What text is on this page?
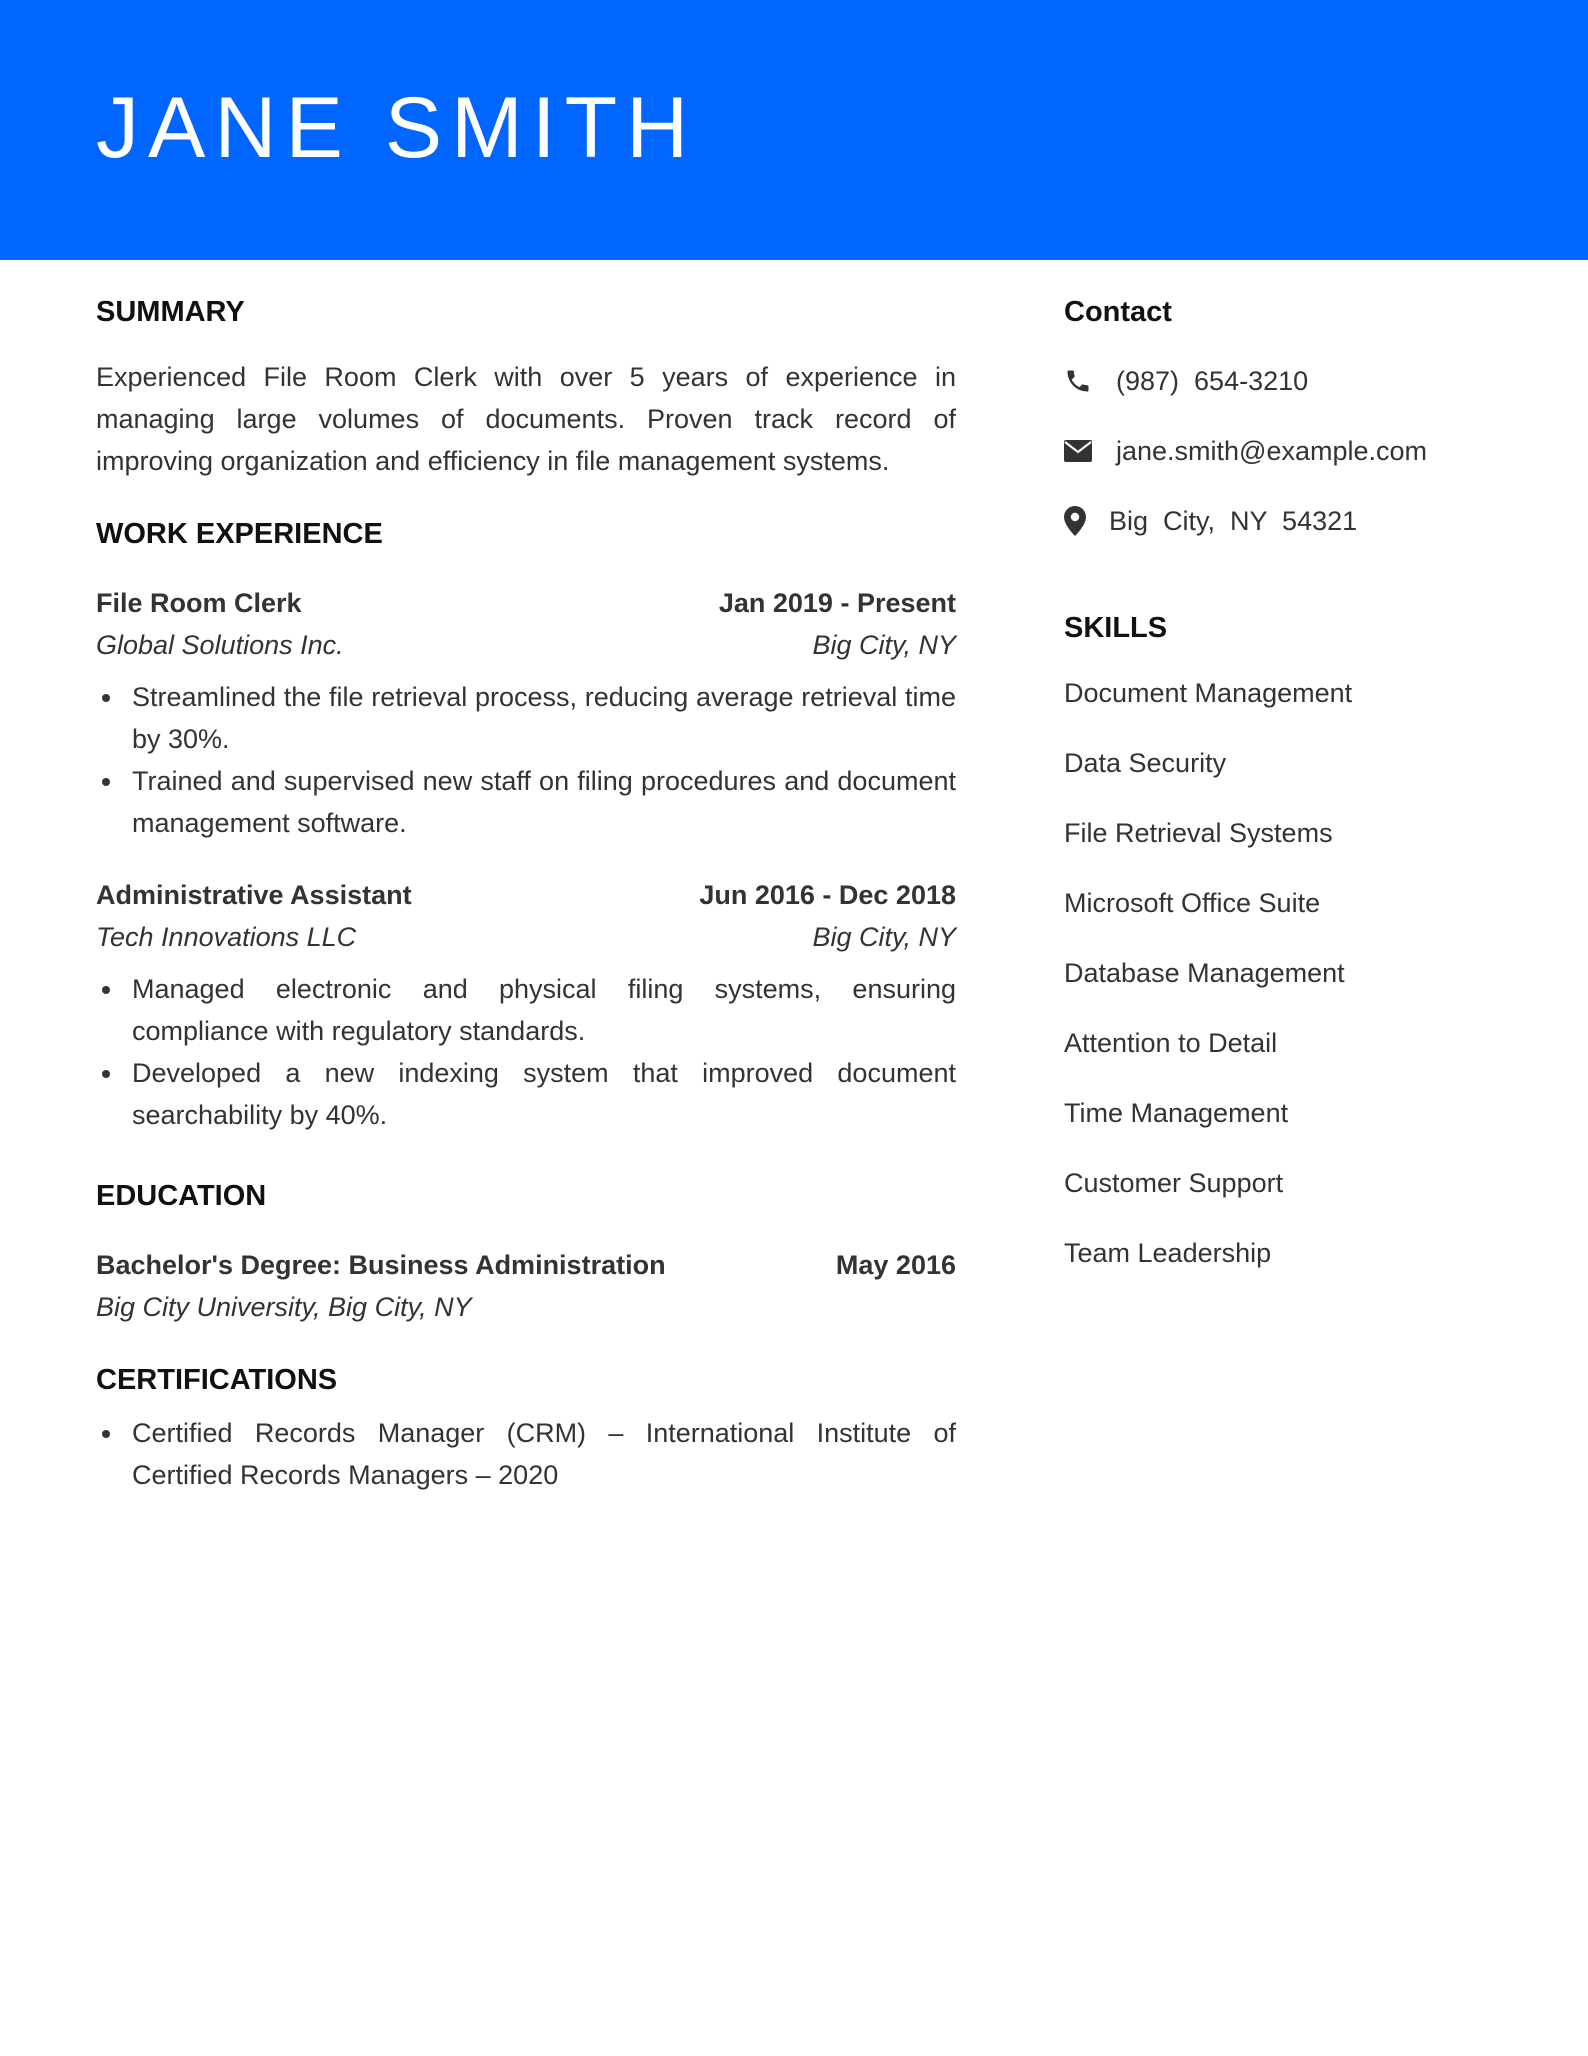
JANE SMITH
SUMMARY

Experienced File Room Clerk with over 5 years of experience in managing large volumes of documents. Proven track record of improving organization and efficiency in file management systems.

WORK EXPERIENCE
File Room Clerk	Jan 2019 - Present
Global Solutions Inc.	Big City, NY
Streamlined the file retrieval process, reducing average retrieval time by 30%.
Trained and supervised new staff on filing procedures and document management software.
Administrative Assistant	Jun 2016 - Dec 2018
Tech Innovations LLC	Big City, NY
Managed electronic and physical filing systems, ensuring compliance with regulatory standards.
Developed a new indexing system that improved document searchability by 40%.
EDUCATION
Bachelor's Degree: Business Administration	May 2016
Big City University, Big City, NY
CERTIFICATIONS
Certified Records Manager (CRM) – International Institute of Certified Records Managers – 2020
Contact
(987)  654-3210
jane.smith@example.com
Big  City,  NY  54321
SKILLS
Document Management
Data Security
File Retrieval Systems
Microsoft Office Suite
Database Management
Attention to Detail
Time Management
Customer Support
Team Leadership
